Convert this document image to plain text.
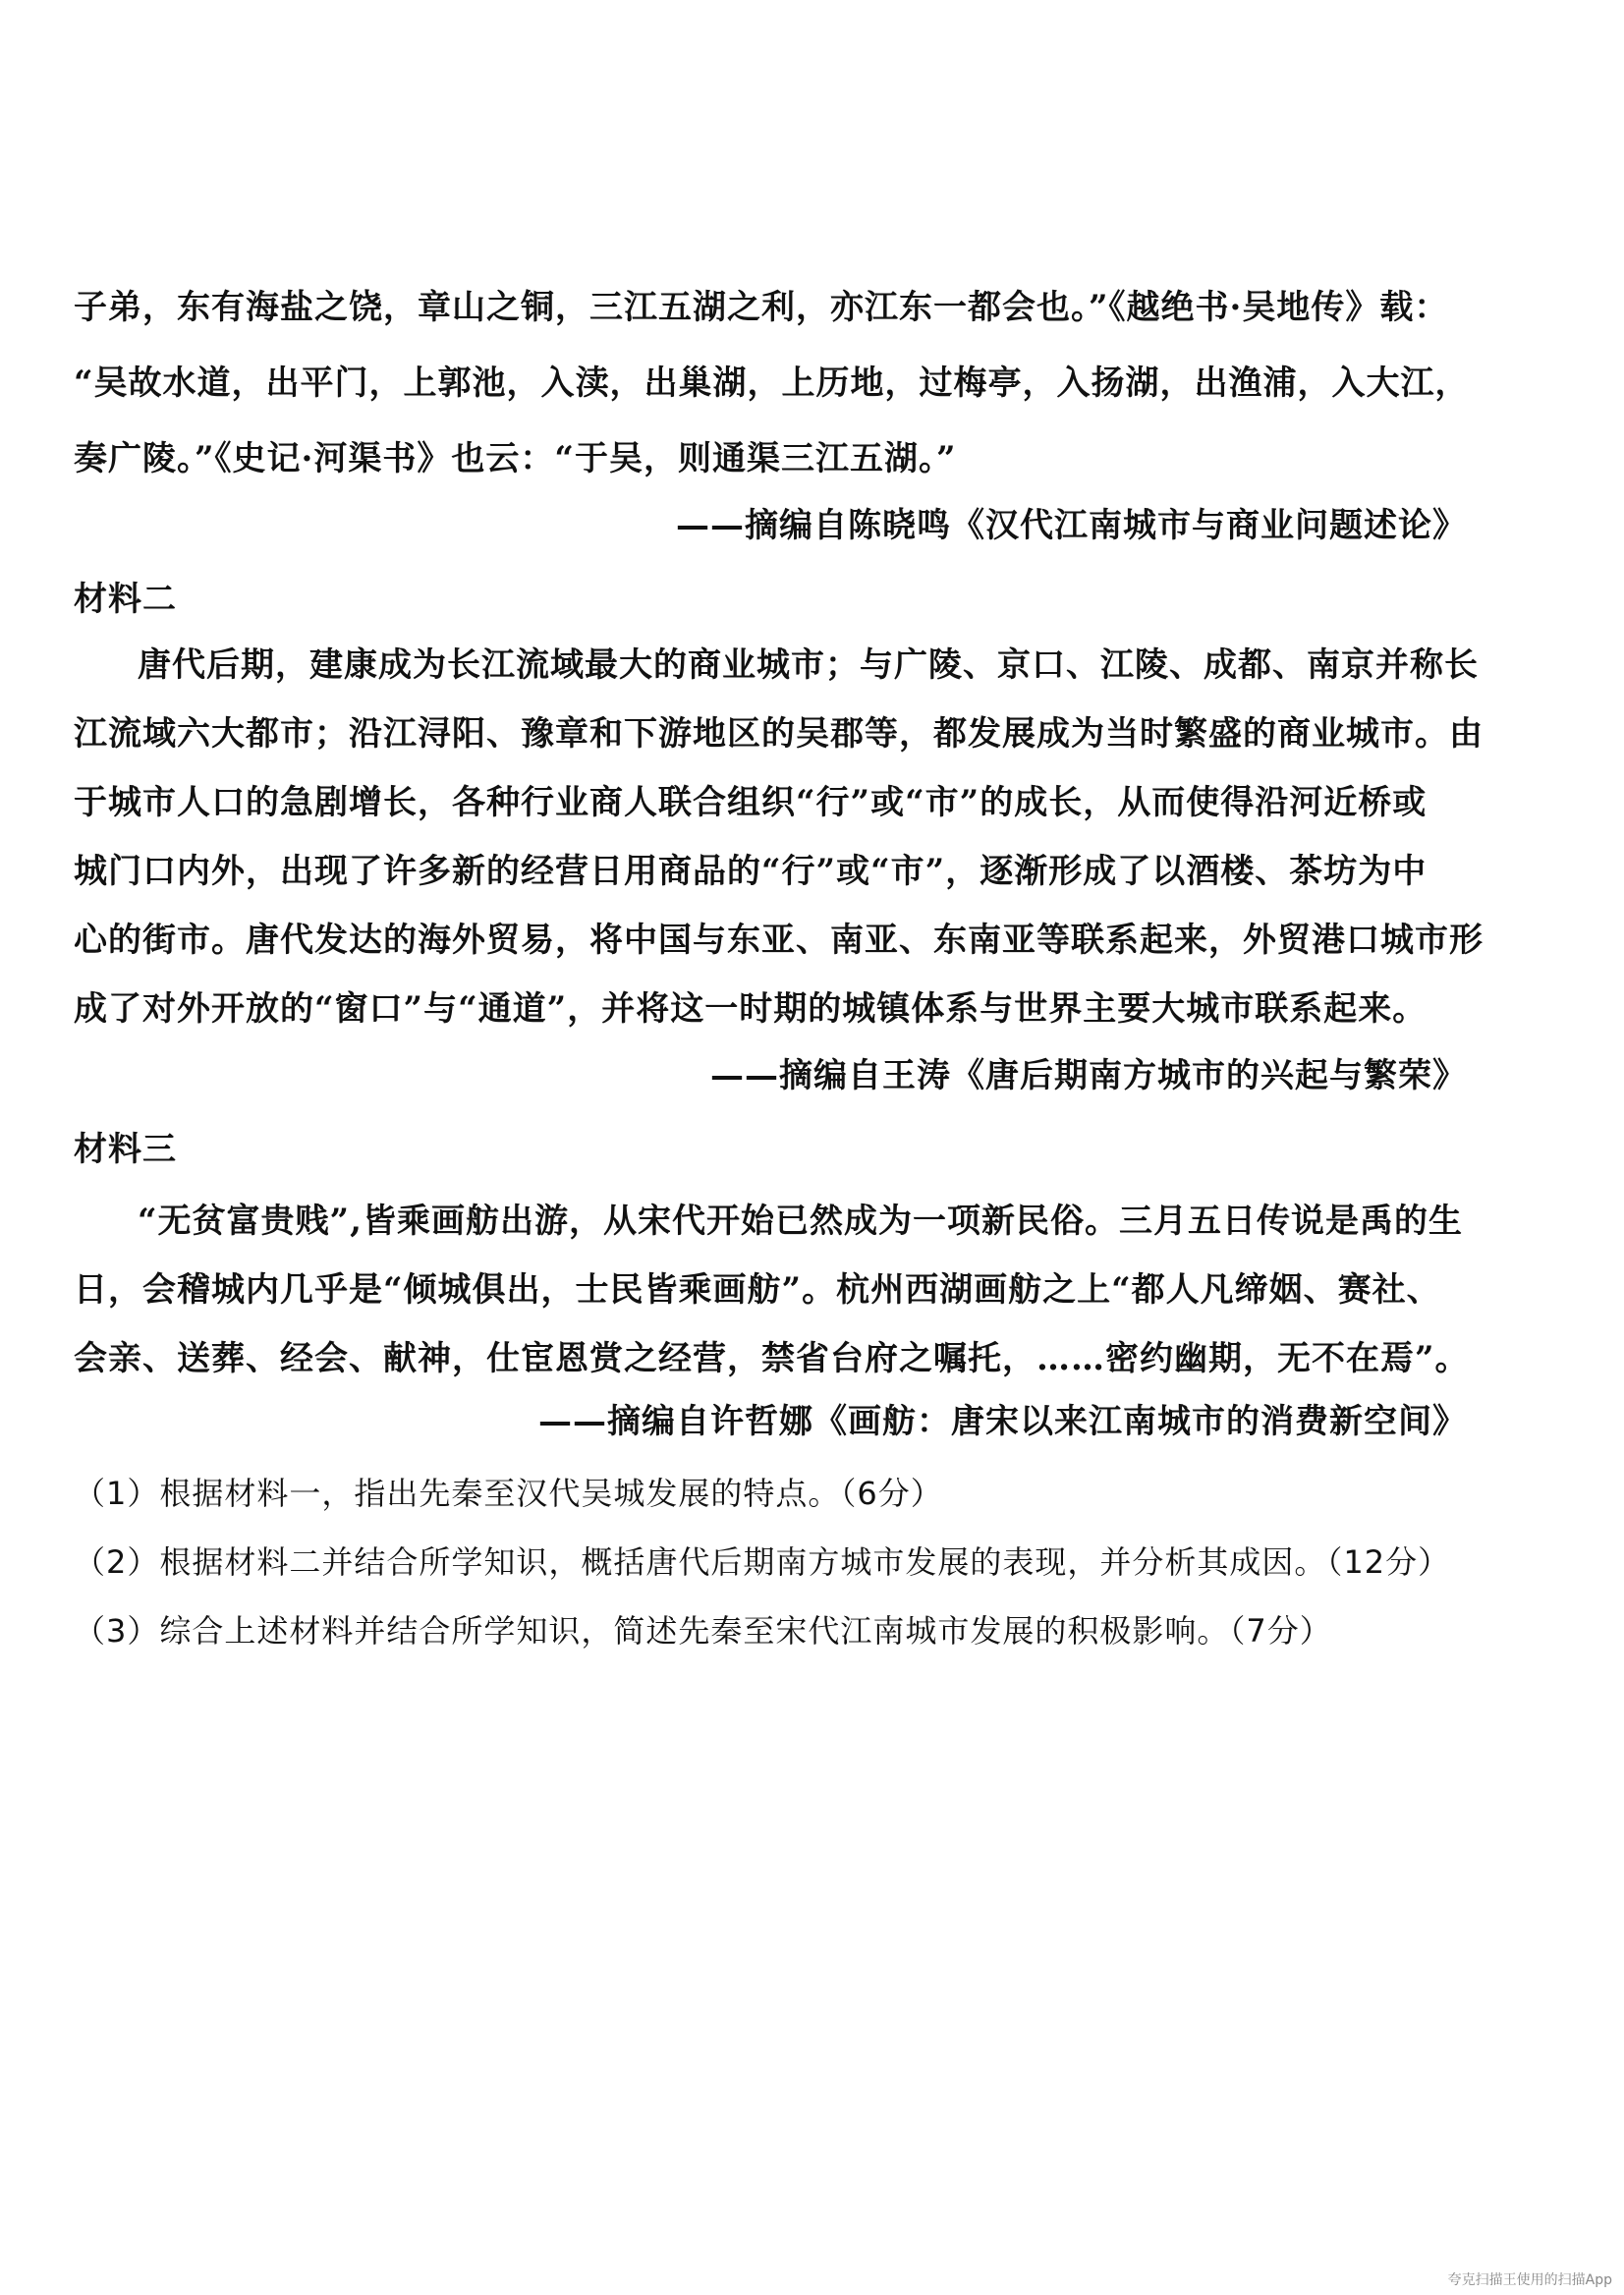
子弟，东有海盐之饶，章山之铜，三江五湖之利，亦江东一都会也。”《越绝书·吴地传》载：
“吴故水道，出平门，上郭池，入渎，出巢湖，上历地，过梅亭，入扬湖，出渔浦，入大江，
奏广陵。”《史记·河渠书》也云：“于吴，则通渠三江五湖。”
——摘编自陈晓鸣《汉代江南城市与商业问题述论》
材料二
唐代后期，建康成为长江流域最大的商业城市；与广陵、京口、江陵、成都、南京并称长
江流域六大都市；沿江浔阳、豫章和下游地区的吴郡等，都发展成为当时繁盛的商业城市。由
于城市人口的急剧增长，各种行业商人联合组织“行”或“市”的成长，从而使得沿河近桥或
城门口内外，出现了许多新的经营日用商品的“行”或“市”，逐渐形成了以酒楼、茶坊为中
心的街市。唐代发达的海外贸易，将中国与东亚、南亚、东南亚等联系起来，外贸港口城市形
成了对外开放的“窗口”与“通道”，并将这一时期的城镇体系与世界主要大城市联系起来。
——摘编自王涛《唐后期南方城市的兴起与繁荣》
材料三
“无贫富贵贱”,皆乘画舫出游，从宋代开始已然成为一项新民俗。三月五日传说是禹的生
日，会稽城内几乎是“倾城俱出，士民皆乘画舫”。杭州西湖画舫之上“都人凡缔姻、赛社、
会亲、送葬、经会、献神，仕宦恩赏之经营，禁省台府之嘱托，……密约幽期，无不在焉”。
——摘编自许哲娜《画舫：唐宋以来江南城市的消费新空间》
（1）根据材料一，指出先秦至汉代吴城发展的特点。（6分）
（2）根据材料二并结合所学知识，概括唐代后期南方城市发展的表现，并分析其成因。（12分）
（3）综合上述材料并结合所学知识，简述先秦至宋代江南城市发展的积极影响。（7分）
夸克扫描王使用的扫描App
